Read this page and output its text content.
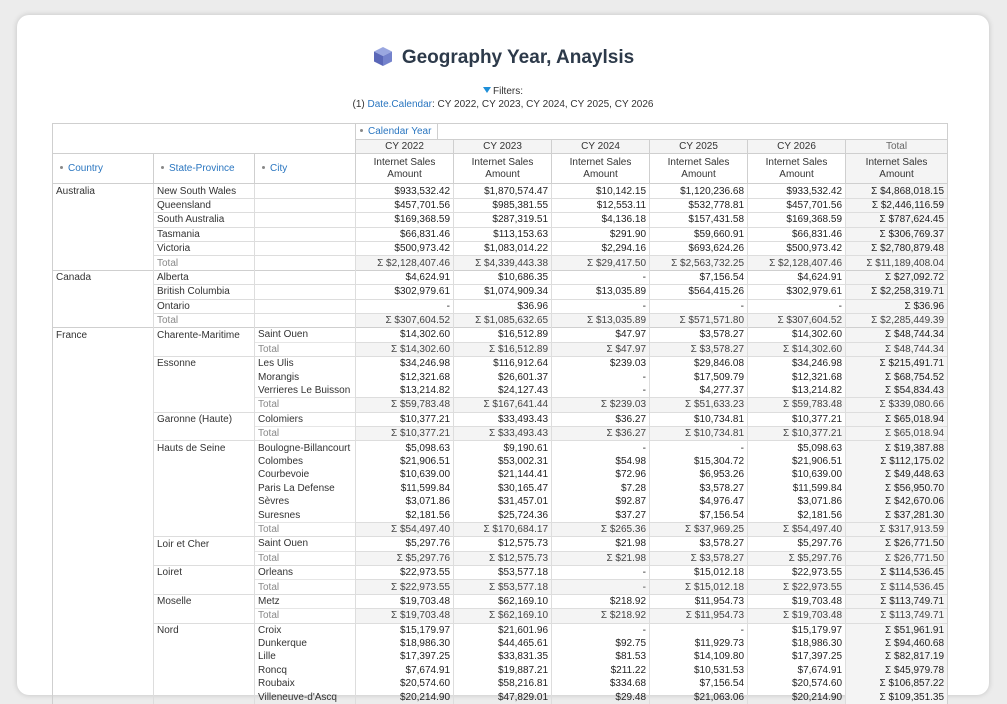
Geography Year, Anaylsis
Filters:
(1) Date.Calendar: CY 2022, CY 2023, CY 2024, CY 2025, CY 2026
			Calendar Year					
			CY 2022	CY 2023	CY 2024	CY 2025	CY 2026	Total
Country	State-Province	City	Internet Sales Amount	Internet Sales Amount	Internet Sales Amount	Internet Sales Amount	Internet Sales Amount	Internet Sales Amount
Australia	New South Wales		$933,532.42	$1,870,574.47	$10,142.15	$1,120,236.68	$933,532.42	Σ $4,868,018.15
	Queensland		$457,701.56	$985,381.55	$12,553.11	$532,778.81	$457,701.56	Σ $2,446,116.59
	South Australia		$169,368.59	$287,319.51	$4,136.18	$157,431.58	$169,368.59	Σ $787,624.45
	Tasmania		$66,831.46	$113,153.63	$291.90	$59,660.91	$66,831.46	Σ $306,769.37
	Victoria		$500,973.42	$1,083,014.22	$2,294.16	$693,624.26	$500,973.42	Σ $2,780,879.48
	Total		Σ $2,128,407.46	Σ $4,339,443.38	Σ $29,417.50	Σ $2,563,732.25	Σ $2,128,407.46	Σ $11,189,408.04
Canada	Alberta		$4,624.91	$10,686.35	-	$7,156.54	$4,624.91	Σ $27,092.72
	British Columbia		$302,979.61	$1,074,909.34	$13,035.89	$564,415.26	$302,979.61	Σ $2,258,319.71
	Ontario		-	$36.96	-	-	-	Σ $36.96
	Total		Σ $307,604.52	Σ $1,085,632.65	Σ $13,035.89	Σ $571,571.80	Σ $307,604.52	Σ $2,285,449.39
France	Charente-Maritime	Saint Ouen	$14,302.60	$16,512.89	$47.97	$3,578.27	$14,302.60	Σ $48,744.34
		Total	Σ $14,302.60	Σ $16,512.89	Σ $47.97	Σ $3,578.27	Σ $14,302.60	Σ $48,744.34
	Essonne	Les Ulis	$34,246.98	$116,912.64	$239.03	$29,846.08	$34,246.98	Σ $215,491.71
		Morangis	$12,321.68	$26,601.37	-	$17,509.79	$12,321.68	Σ $68,754.52
		Verrieres Le Buisson	$13,214.82	$24,127.43	-	$4,277.37	$13,214.82	Σ $54,834.43
		Total	Σ $59,783.48	Σ $167,641.44	Σ $239.03	Σ $51,633.23	Σ $59,783.48	Σ $339,080.66
	Garonne (Haute)	Colomiers	$10,377.21	$33,493.43	$36.27	$10,734.81	$10,377.21	Σ $65,018.94
		Total	Σ $10,377.21	Σ $33,493.43	Σ $36.27	Σ $10,734.81	Σ $10,377.21	Σ $65,018.94
	Hauts de Seine	Boulogne-Billancourt	$5,098.63	$9,190.61	-	-	$5,098.63	Σ $19,387.88
		Colombes	$21,906.51	$53,002.31	$54.98	$15,304.72	$21,906.51	Σ $112,175.02
		Courbevoie	$10,639.00	$21,144.41	$72.96	$6,953.26	$10,639.00	Σ $49,448.63
		Paris La Defense	$11,599.84	$30,165.47	$7.28	$3,578.27	$11,599.84	Σ $56,950.70
		Sèvres	$3,071.86	$31,457.01	$92.87	$4,976.47	$3,071.86	Σ $42,670.06
		Suresnes	$2,181.56	$25,724.36	$37.27	$7,156.54	$2,181.56	Σ $37,281.30
		Total	Σ $54,497.40	Σ $170,684.17	Σ $265.36	Σ $37,969.25	Σ $54,497.40	Σ $317,913.59
	Loir et Cher	Saint Ouen	$5,297.76	$12,575.73	$21.98	$3,578.27	$5,297.76	Σ $26,771.50
		Total	Σ $5,297.76	Σ $12,575.73	Σ $21.98	Σ $3,578.27	Σ $5,297.76	Σ $26,771.50
	Loiret	Orleans	$22,973.55	$53,577.18	-	$15,012.18	$22,973.55	Σ $114,536.45
		Total	Σ $22,973.55	Σ $53,577.18	-	Σ $15,012.18	Σ $22,973.55	Σ $114,536.45
	Moselle	Metz	$19,703.48	$62,169.10	$218.92	$11,954.73	$19,703.48	Σ $113,749.71
		Total	Σ $19,703.48	Σ $62,169.10	Σ $218.92	Σ $11,954.73	Σ $19,703.48	Σ $113,749.71
	Nord	Croix	$15,179.97	$21,601.96	-	-	$15,179.97	Σ $51,961.91
		Dunkerque	$18,986.30	$44,465.61	$92.75	$11,929.73	$18,986.30	Σ $94,460.68
		Lille	$17,397.25	$33,831.35	$81.53	$14,109.80	$17,397.25	Σ $82,817.19
		Roncq	$7,674.91	$19,887.21	$211.22	$10,531.53	$7,674.91	Σ $45,979.78
		Roubaix	$20,574.60	$58,216.81	$334.68	$7,156.54	$20,574.60	Σ $106,857.22
		Villeneuve-d'Ascq	$20,214.90	$47,829.01	$29.48	$21,063.06	$20,214.90	Σ $109,351.35
